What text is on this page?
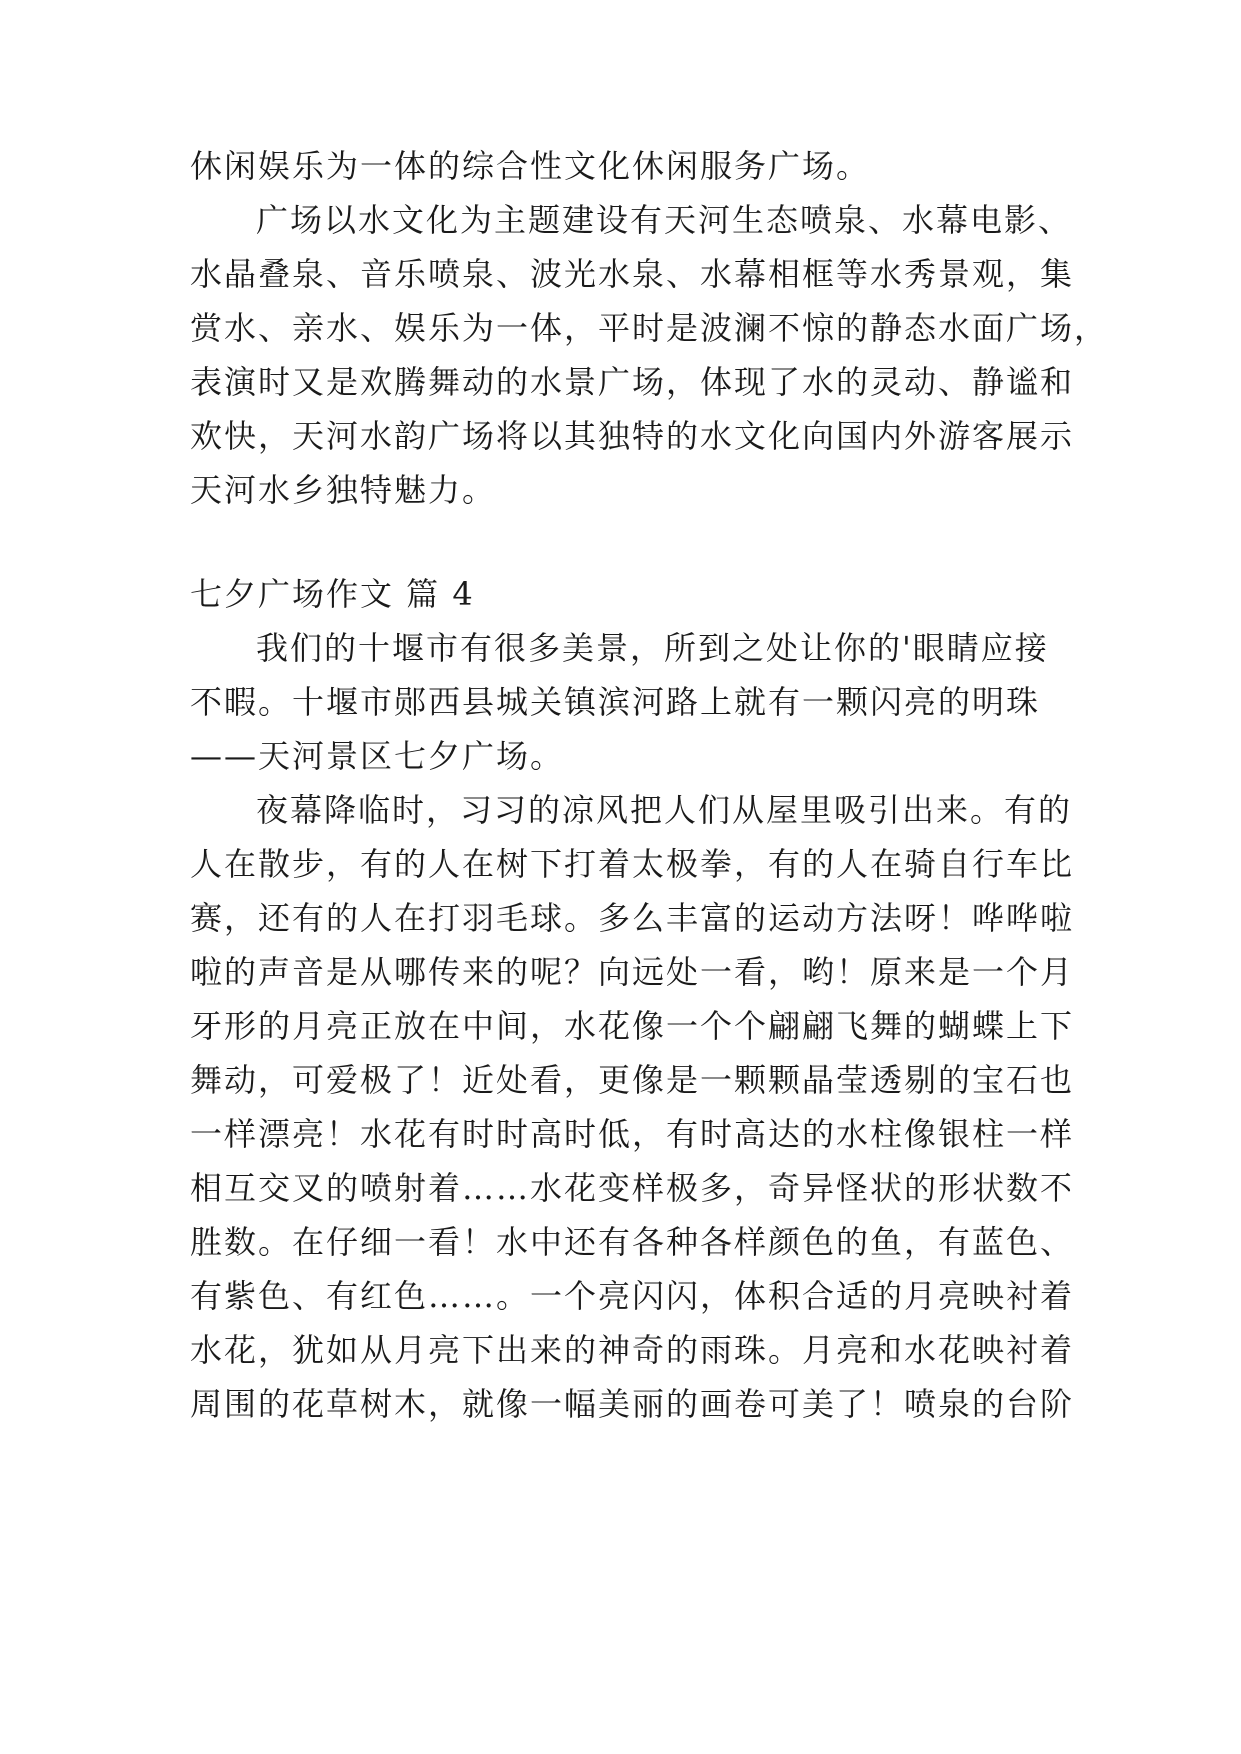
休闲娱乐为一体的综合性文化休闲服务广场。
广场以水文化为主题建设有天河生态喷泉、水幕电影、
水晶叠泉、音乐喷泉、波光水泉、水幕相框等水秀景观，集
赏水、亲水、娱乐为一体，平时是波澜不惊的静态水面广场，
表演时又是欢腾舞动的水景广场，体现了水的灵动、静谧和
欢快，天河水韵广场将以其独特的水文化向国内外游客展示
天河水乡独特魅力。
七夕广场作文 篇 4
我们的十堰市有很多美景，所到之处让你的'眼睛应接
不暇。十堰市郧西县城关镇滨河路上就有一颗闪亮的明珠
——天河景区七夕广场。
夜幕降临时，习习的凉风把人们从屋里吸引出来。有的
人在散步，有的人在树下打着太极拳，有的人在骑自行车比
赛，还有的人在打羽毛球。多么丰富的运动方法呀！哗哗啦
啦的声音是从哪传来的呢？向远处一看，哟！原来是一个月
牙形的月亮正放在中间，水花像一个个翩翩飞舞的蝴蝶上下
舞动，可爱极了！近处看，更像是一颗颗晶莹透剔的宝石也
一样漂亮！水花有时时高时低，有时高达的水柱像银柱一样
相互交叉的喷射着……水花变样极多，奇异怪状的形状数不
胜数。在仔细一看！水中还有各种各样颜色的鱼，有蓝色、
有紫色、有红色……。一个亮闪闪，体积合适的月亮映衬着
水花，犹如从月亮下出来的神奇的雨珠。月亮和水花映衬着
周围的花草树木，就像一幅美丽的画卷可美了！喷泉的台阶
